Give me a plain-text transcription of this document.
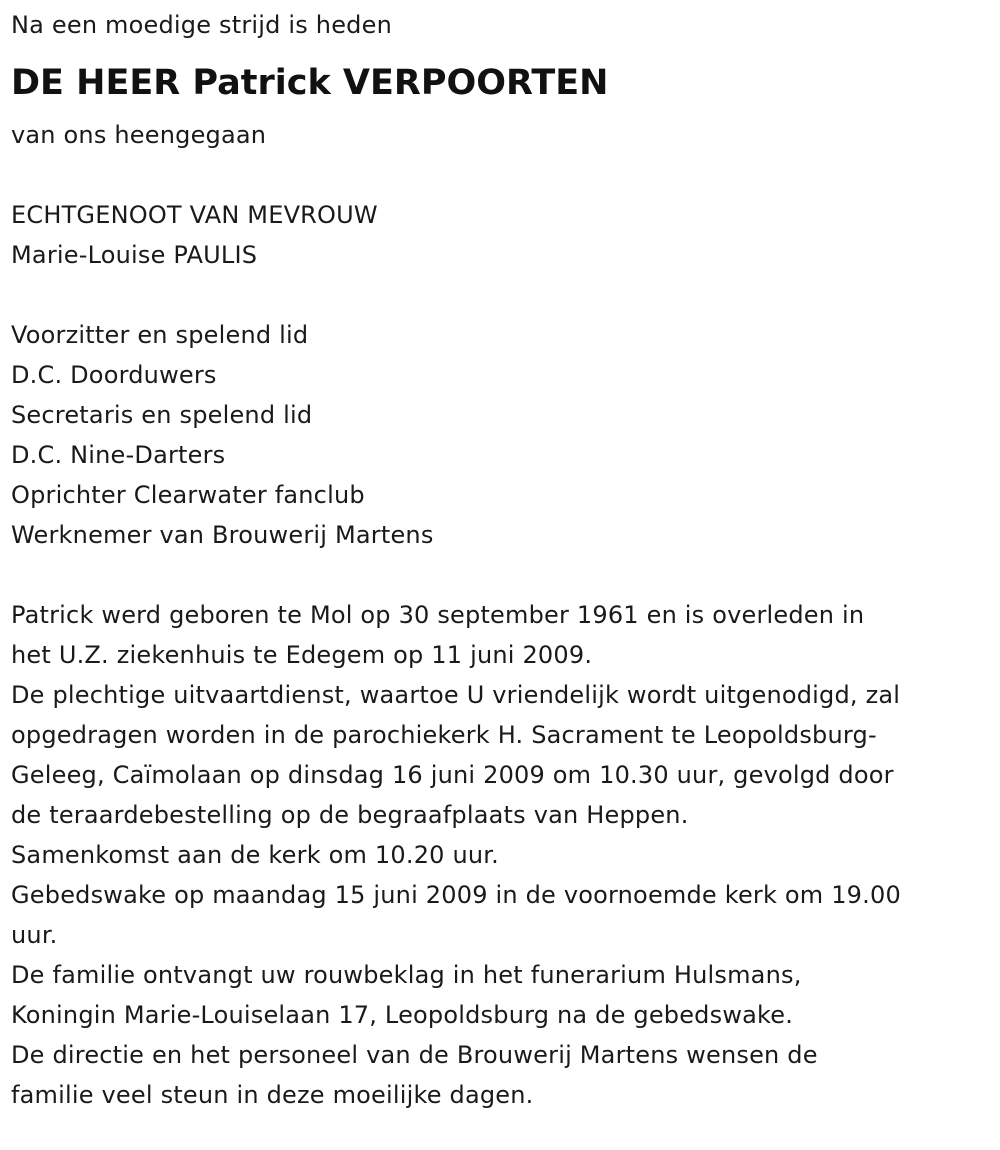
Na een moedige strijd is heden

DE HEER Patrick VERPOORTEN

van ons heengegaan

ECHTGENOOT VAN MEVROUW

Marie-Louise PAULIS

Voorzitter en spelend lid

D.C. Doorduwers

Secretaris en spelend lid

D.C. Nine-Darters

Oprichter Clearwater fanclub

Werknemer van Brouwerij Martens

Patrick werd geboren te Mol op 30 september 1961 en is overleden in

het U.Z. ziekenhuis te Edegem op 11 juni 2009.

De plechtige uitvaartdienst, waartoe U vriendelijk wordt uitgenodigd, zal

opgedragen worden in de parochiekerk H. Sacrament te Leopoldsburg-

Geleeg, Caïmolaan op dinsdag 16 juni 2009 om 10.30 uur, gevolgd door

de teraardebestelling op de begraafplaats van Heppen.

Samenkomst aan de kerk om 10.20 uur.

Gebedswake op maandag 15 juni 2009 in de voornoemde kerk om 19.00

uur.

De familie ontvangt uw rouwbeklag in het funerarium Hulsmans,

Koningin Marie-Louiselaan 17, Leopoldsburg na de gebedswake.

De directie en het personeel van de Brouwerij Martens wensen de

familie veel steun in deze moeilijke dagen.
